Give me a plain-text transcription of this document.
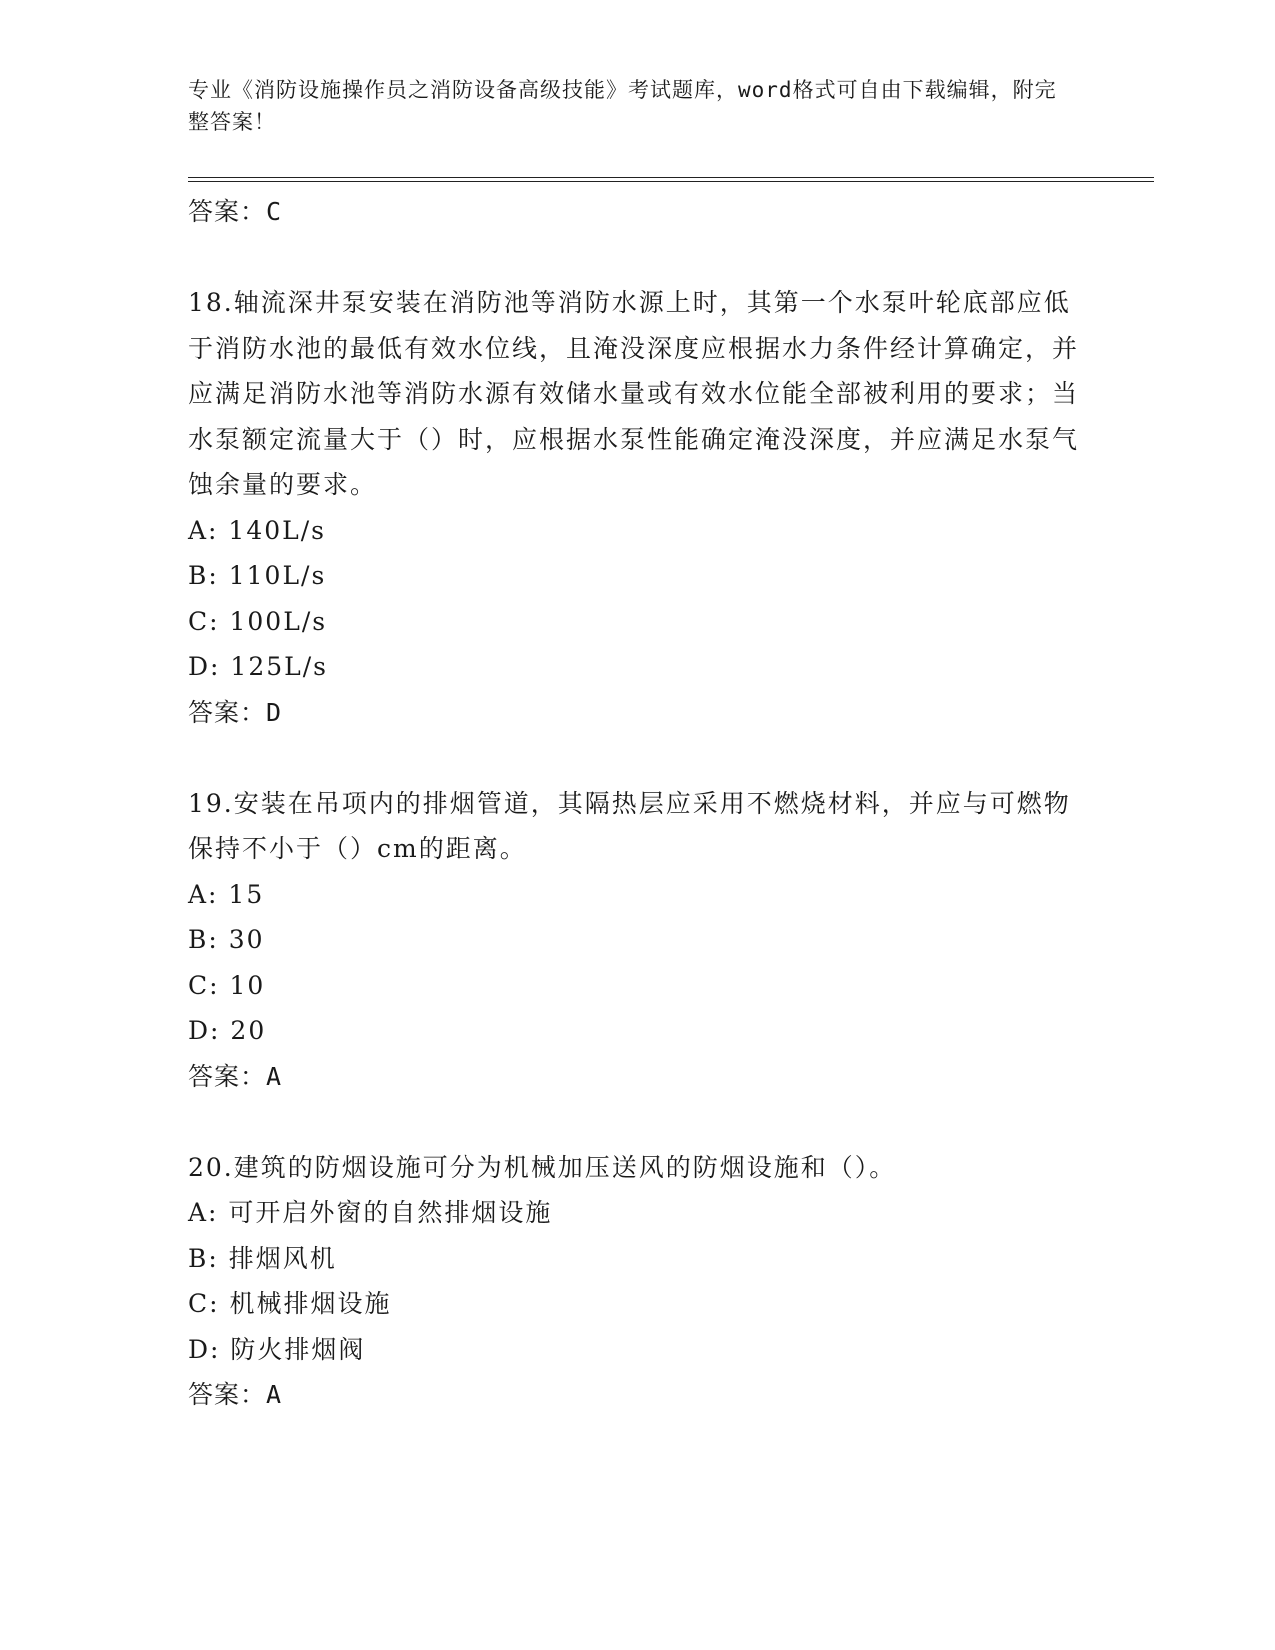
专业《消防设施操作员之消防设备高级技能》考试题库，word格式可自由下载编辑，附完整答案！
答案：C

18.轴流深井泵安装在消防池等消防水源上时，其第一个水泵叶轮底部应低于消防水池的最低有效水位线，且淹没深度应根据水力条件经计算确定，并应满足消防水池等消防水源有效储水量或有效水位能全部被利用的要求；当水泵额定流量大于（）时，应根据水泵性能确定淹没深度，并应满足水泵气蚀余量的要求。

A: 140L/s
B: 110L/s
C: 100L/s
D: 125L/s
答案：D

19.安装在吊项内的排烟管道，其隔热层应采用不燃烧材料，并应与可燃物保持不小于（）cm的距离。

A: 15
B: 30
C: 10
D: 20
答案：A

20.建筑的防烟设施可分为机械加压送风的防烟设施和（）。

A: 可开启外窗的自然排烟设施
B: 排烟风机
C: 机械排烟设施
D: 防火排烟阀
答案：A
